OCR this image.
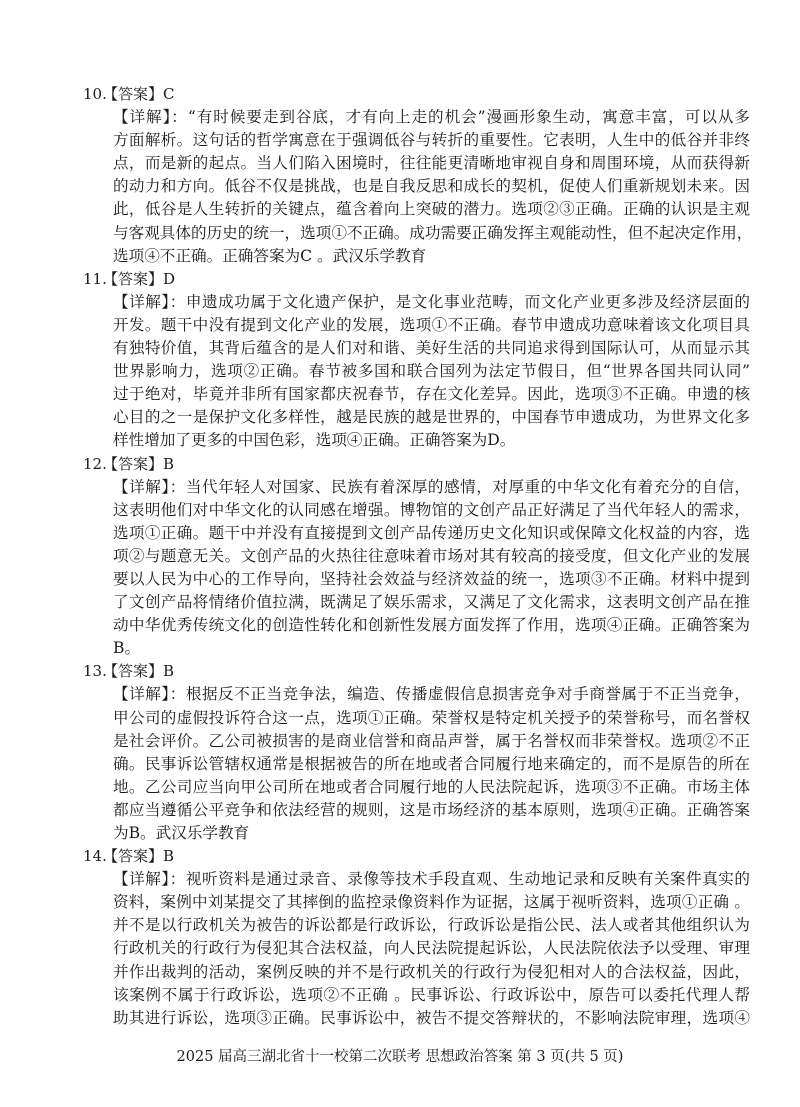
10.【答案】C
【详解】：“有时候要走到谷底，才有向上走的机会”漫画形象生动，寓意丰富，可以从多
方面解析。这句话的哲学寓意在于强调低谷与转折的重要性。它表明，人生中的低谷并非终
点，而是新的起点。当人们陷入困境时，往往能更清晰地审视自身和周围环境，从而获得新
的动力和方向。低谷不仅是挑战，也是自我反思和成长的契机，促使人们重新规划未来。因
此，低谷是人生转折的关键点，蕴含着向上突破的潜力。选项②③正确。正确的认识是主观
与客观具体的历史的统一，选项①不正确。成功需要正确发挥主观能动性，但不起决定作用，
选项④不正确。正确答案为C 。武汉乐学教育
11.【答案】D
【详解】：申遗成功属于文化遗产保护，是文化事业范畴，而文化产业更多涉及经济层面的
开发。题干中没有提到文化产业的发展，选项①不正确。春节申遗成功意味着该文化项目具
有独特价值，其背后蕴含的是人们对和谐、美好生活的共同追求得到国际认可，从而显示其
世界影响力，选项②正确。春节被多国和联合国列为法定节假日，但“世界各国共同认同”
过于绝对，毕竟并非所有国家都庆祝春节，存在文化差异。因此，选项③不正确。申遗的核
心目的之一是保护文化多样性，越是民族的越是世界的，中国春节申遗成功，为世界文化多
样性增加了更多的中国色彩，选项④正确。正确答案为D。
12.【答案】B
【详解】：当代年轻人对国家、民族有着深厚的感情，对厚重的中华文化有着充分的自信，
这表明他们对中华文化的认同感在增强。博物馆的文创产品正好满足了当代年轻人的需求，
选项①正确。题干中并没有直接提到文创产品传递历史文化知识或保障文化权益的内容，选
项②与题意无关。文创产品的火热往往意味着市场对其有较高的接受度，但文化产业的发展
要以人民为中心的工作导向，坚持社会效益与经济效益的统一，选项③不正确。材料中提到
了文创产品将情绪价值拉满，既满足了娱乐需求，又满足了文化需求，这表明文创产品在推
动中华优秀传统文化的创造性转化和创新性发展方面发挥了作用，选项④正确。正确答案为
B。
13.【答案】B
【详解】：根据反不正当竞争法，编造、传播虚假信息损害竞争对手商誉属于不正当竞争，
甲公司的虚假投诉符合这一点，选项①正确。荣誉权是特定机关授予的荣誉称号，而名誉权
是社会评价。乙公司被损害的是商业信誉和商品声誉，属于名誉权而非荣誉权。选项②不正
确。民事诉讼管辖权通常是根据被告的所在地或者合同履行地来确定的，而不是原告的所在
地。乙公司应当向甲公司所在地或者合同履行地的人民法院起诉，选项③不正确。市场主体
都应当遵循公平竞争和依法经营的规则，这是市场经济的基本原则，选项④正确。正确答案
为B。武汉乐学教育
14.【答案】B
【详解】：视听资料是通过录音、录像等技术手段直观、生动地记录和反映有关案件真实的
资料，案例中刘某提交了其摔倒的监控录像资料作为证据，这属于视听资料，选项①正确 。
并不是以行政机关为被告的诉讼都是行政诉讼，行政诉讼是指公民、法人或者其他组织认为
行政机关的行政行为侵犯其合法权益，向人民法院提起诉讼，人民法院依法予以受理、审理
并作出裁判的活动，案例反映的并不是行政机关的行政行为侵犯相对人的合法权益，因此，
该案例不属于行政诉讼，选项②不正确 。民事诉讼、行政诉讼中，原告可以委托代理人帮
助其进行诉讼，选项③正确。民事诉讼中，被告不提交答辩状的，不影响法院审理，选项④
2025 届高三湖北省十一校第二次联考 思想政治答案 第 3 页(共 5 页)
